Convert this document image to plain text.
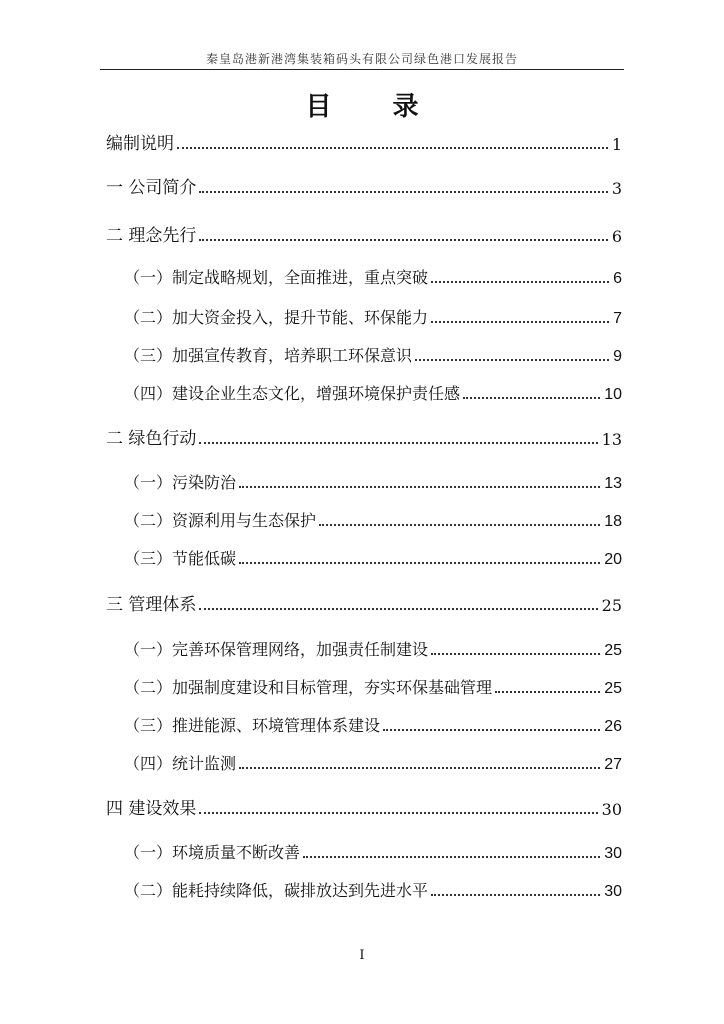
秦皇岛港新港湾集装箱码头有限公司绿色港口发展报告
目 录
编制说明	1
一 公司简介	3
二 理念先行	6
（一）制定战略规划，全面推进，重点突破	6
（二）加大资金投入，提升节能、环保能力	7
（三）加强宣传教育，培养职工环保意识	9
（四）建设企业生态文化，增强环境保护责任感	10
二 绿色行动	13
（一）污染防治	13
（二）资源利用与生态保护	18
（三）节能低碳	20
三 管理体系	25
（一）完善环保管理网络，加强责任制建设	25
（二）加强制度建设和目标管理，夯实环保基础管理	25
（三）推进能源、环境管理体系建设	26
（四）统计监测	27
四 建设效果	30
（一）环境质量不断改善	30
（二）能耗持续降低，碳排放达到先进水平	30
I
